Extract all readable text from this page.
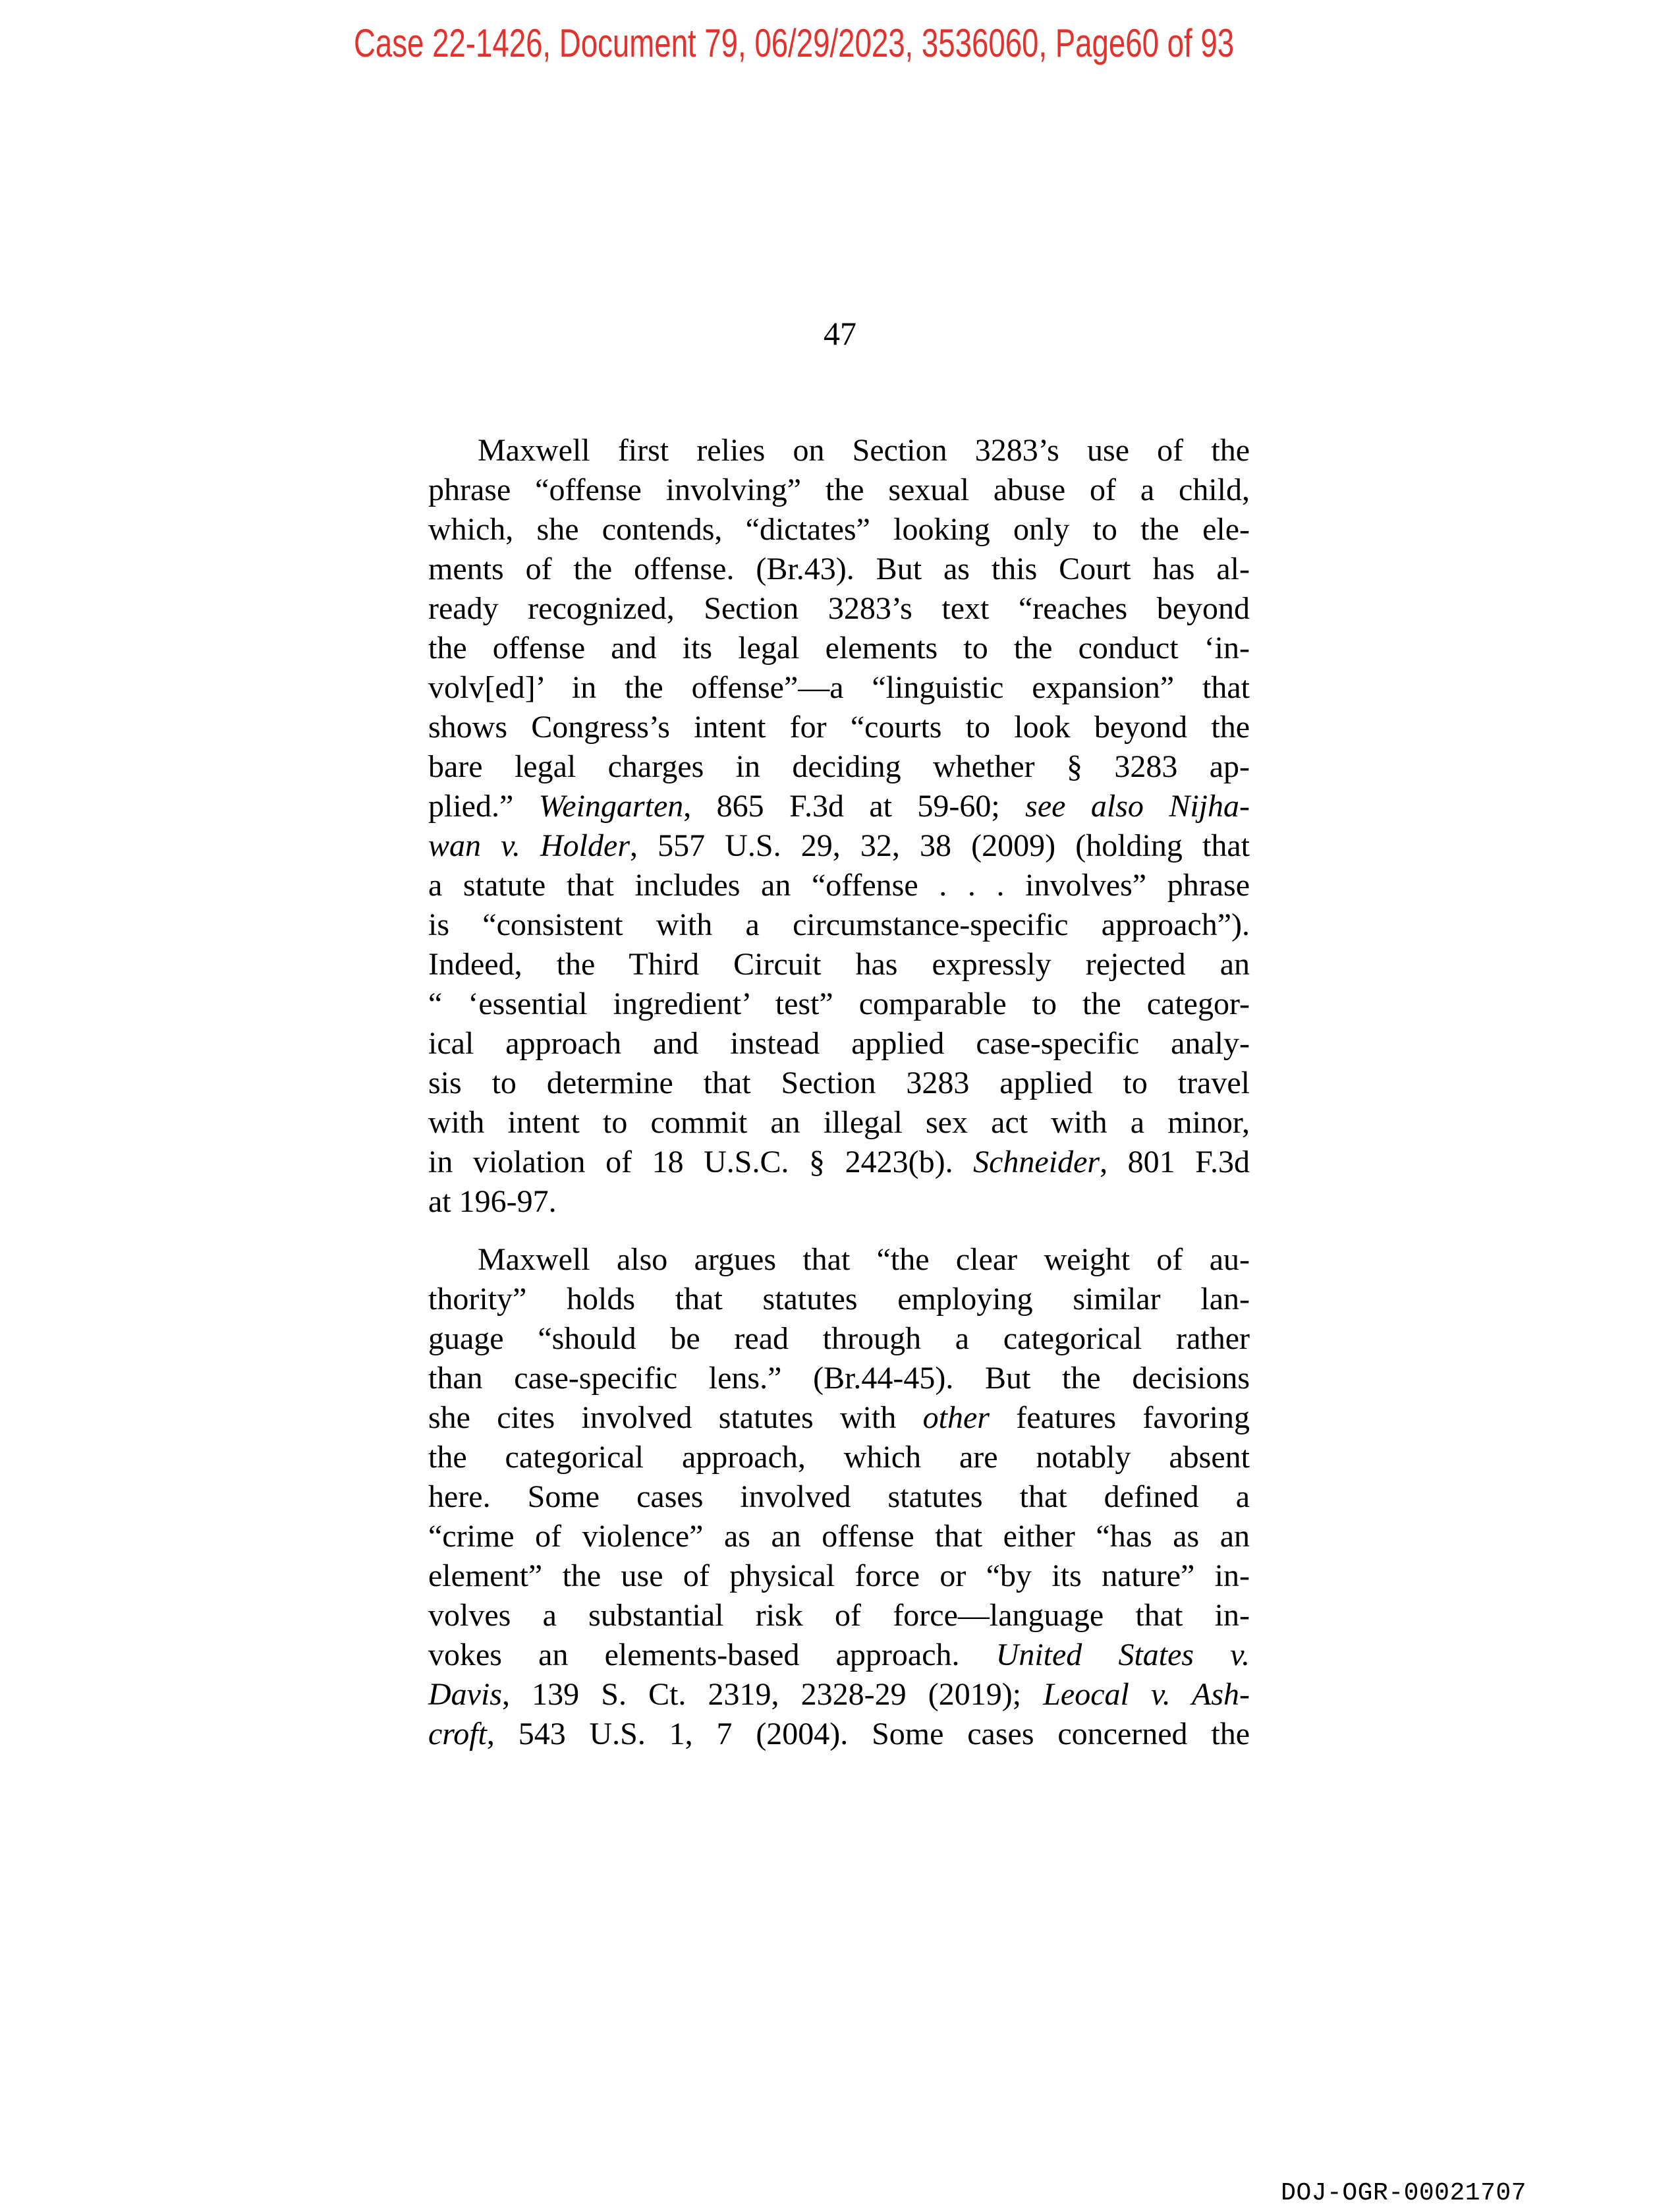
Case 22-1426, Document 79, 06/29/2023, 3536060, Page60 of 93
47
Maxwell first relies on Section 3283’s use of the
phrase “offense involving” the sexual abuse of a child,
which, she contends, “dictates” looking only to the ele-
ments of the offense. (Br.43). But as this Court has al-
ready recognized, Section 3283’s text “reaches beyond
the offense and its legal elements to the conduct ‘in-
volv[ed]’ in the offense”—a “linguistic expansion” that
shows Congress’s intent for “courts to look beyond the
bare legal charges in deciding whether § 3283 ap-
plied.” Weingarten, 865 F.3d at 59-60; see also Nijha-
wan v. Holder, 557 U.S. 29, 32, 38 (2009) (holding that
a statute that includes an “offense . . . involves” phrase
is “consistent with a circumstance-specific approach”).
Indeed, the Third Circuit has expressly rejected an
“ ‘essential ingredient’ test” comparable to the categor-
ical approach and instead applied case-specific analy-
sis to determine that Section 3283 applied to travel
with intent to commit an illegal sex act with a minor,
in violation of 18 U.S.C. § 2423(b). Schneider, 801 F.3d
at 196-97.
Maxwell also argues that “the clear weight of au-
thority” holds that statutes employing similar lan-
guage “should be read through a categorical rather
than case-specific lens.” (Br.44-45). But the decisions
she cites involved statutes with other features favoring
the categorical approach, which are notably absent
here. Some cases involved statutes that defined a
“crime of violence” as an offense that either “has as an
element” the use of physical force or “by its nature” in-
volves a substantial risk of force—language that in-
vokes an elements-based approach. United States v.
Davis, 139 S. Ct. 2319, 2328-29 (2019); Leocal v. Ash-
croft, 543 U.S. 1, 7 (2004). Some cases concerned the
DOJ-OGR-00021707
